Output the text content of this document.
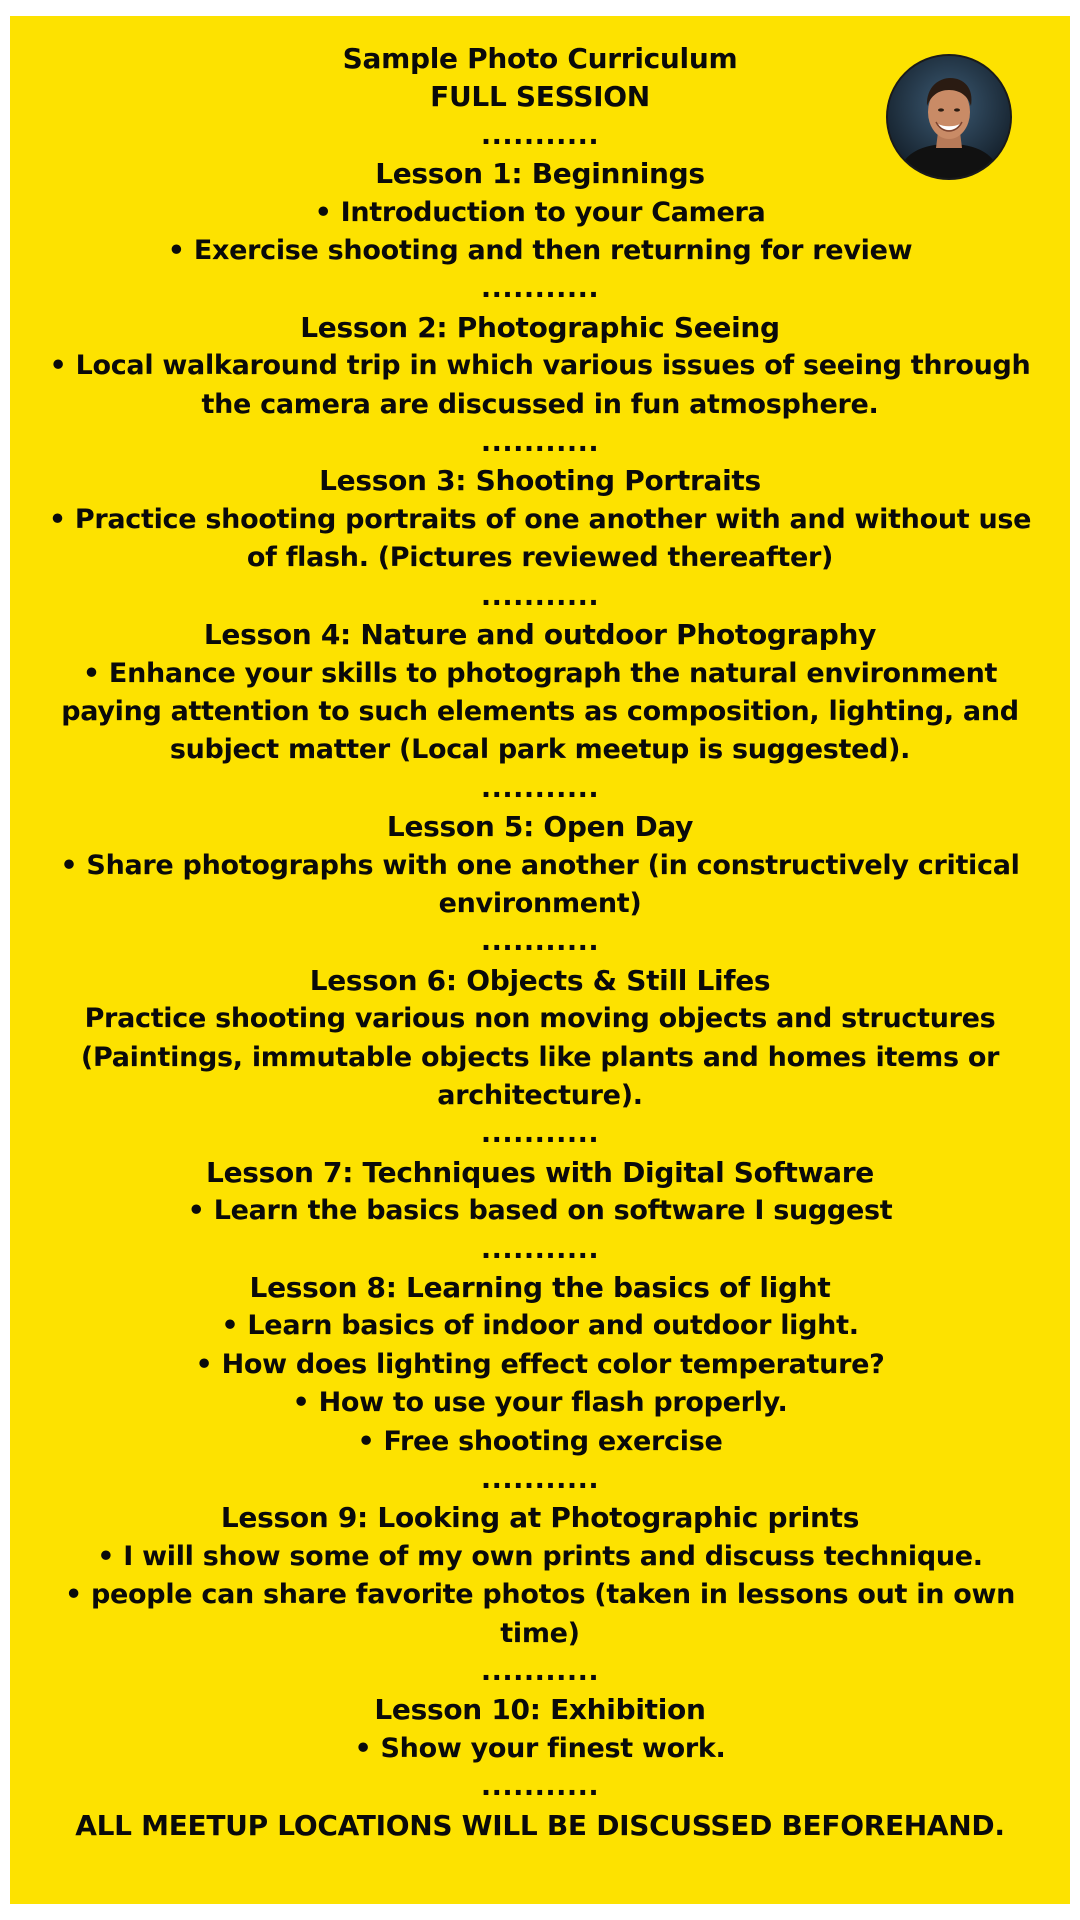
Sample Photo Curriculum
FULL SESSION
...........
Lesson 1: Beginnings
• Introduction to your Camera
• Exercise shooting and then returning for review
...........
Lesson 2: Photographic Seeing
• Local walkaround trip in which various issues of seeing through the camera are discussed in fun atmosphere.
...........
Lesson 3: Shooting Portraits
• Practice shooting portraits of one another with and without use of flash. (Pictures reviewed thereafter)
...........
Lesson 4: Nature and outdoor Photography
• Enhance your skills to photograph the natural environment paying attention to such elements as composition, lighting, and subject matter (Local park meetup is suggested).
...........
Lesson 5: Open Day
• Share photographs with one another (in constructively critical environment)
...........
Lesson 6: Objects & Still Lifes
Practice shooting various non moving objects and structures (Paintings, immutable objects like plants and homes items or architecture).
...........
Lesson 7: Techniques with Digital Software
• Learn the basics based on software I suggest
...........
Lesson 8: Learning the basics of light
• Learn basics of indoor and outdoor light.
• How does lighting effect color temperature?
• How to use your flash properly.
• Free shooting exercise
...........
Lesson 9: Looking at Photographic prints
• I will show some of my own prints and discuss technique.
• people can share favorite photos (taken in lessons out in own time)
...........
Lesson 10: Exhibition
• Show your finest work.
...........
ALL MEETUP LOCATIONS WILL BE DISCUSSED BEFOREHAND.
